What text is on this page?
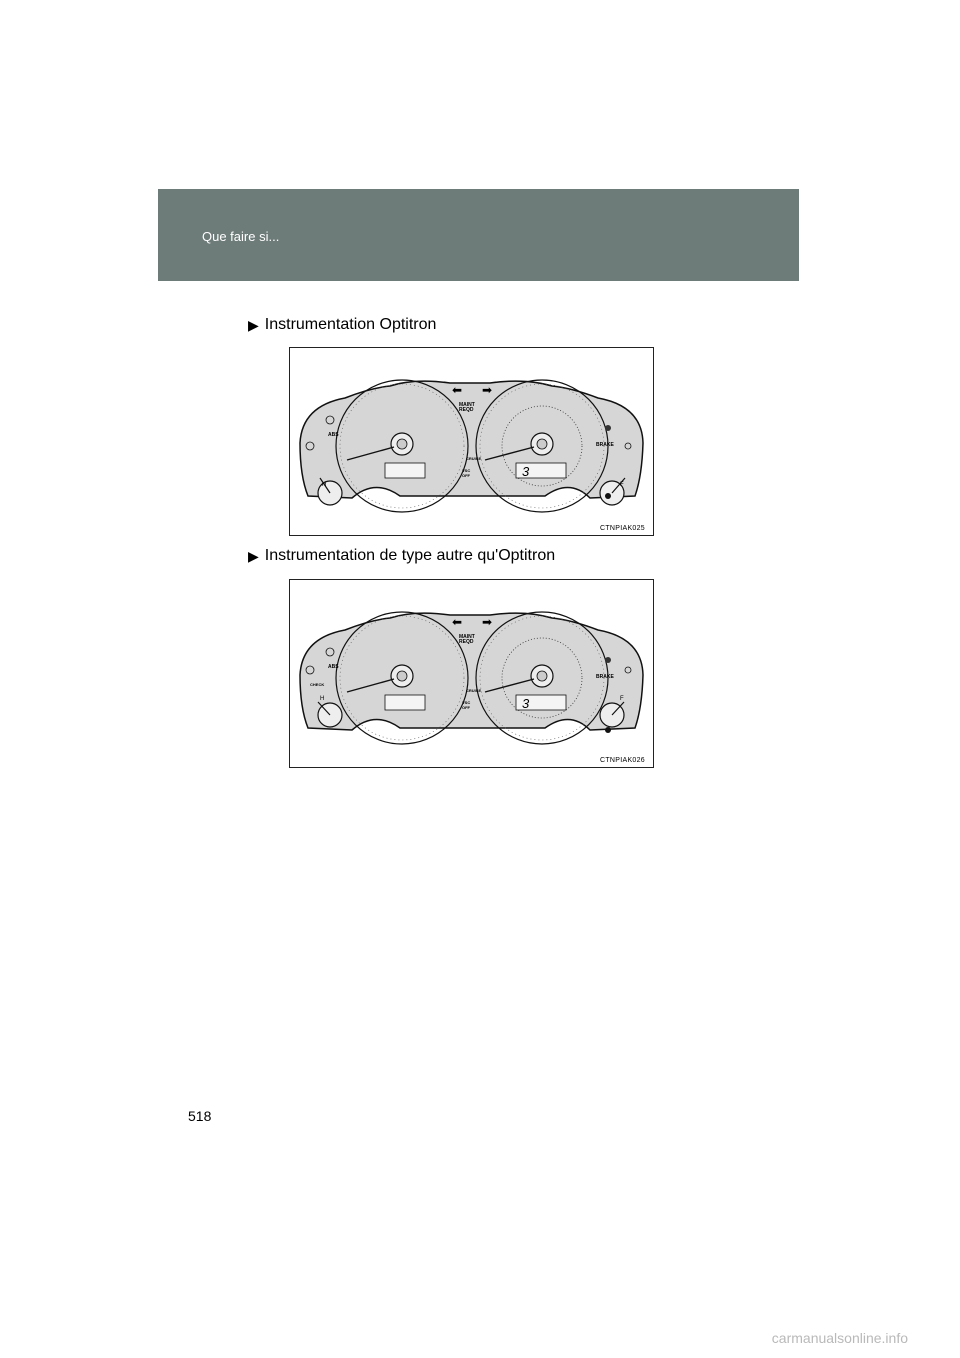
Que faire si...
▶ Instrumentation Optitron
3
H	F
⬅ ➡
MAINT
REQD
ABS
BRAKE
CRUISE
VSC
OFF
CTNPIAK025
▶ Instrumentation de type autre qu'Optitron
3
H	F
⬅ ➡
MAINT
REQD
ABS
CHECK
BRAKE
CRUISE
VSC
OFF
CTNPIAK026
518
carmanualsonline.info
